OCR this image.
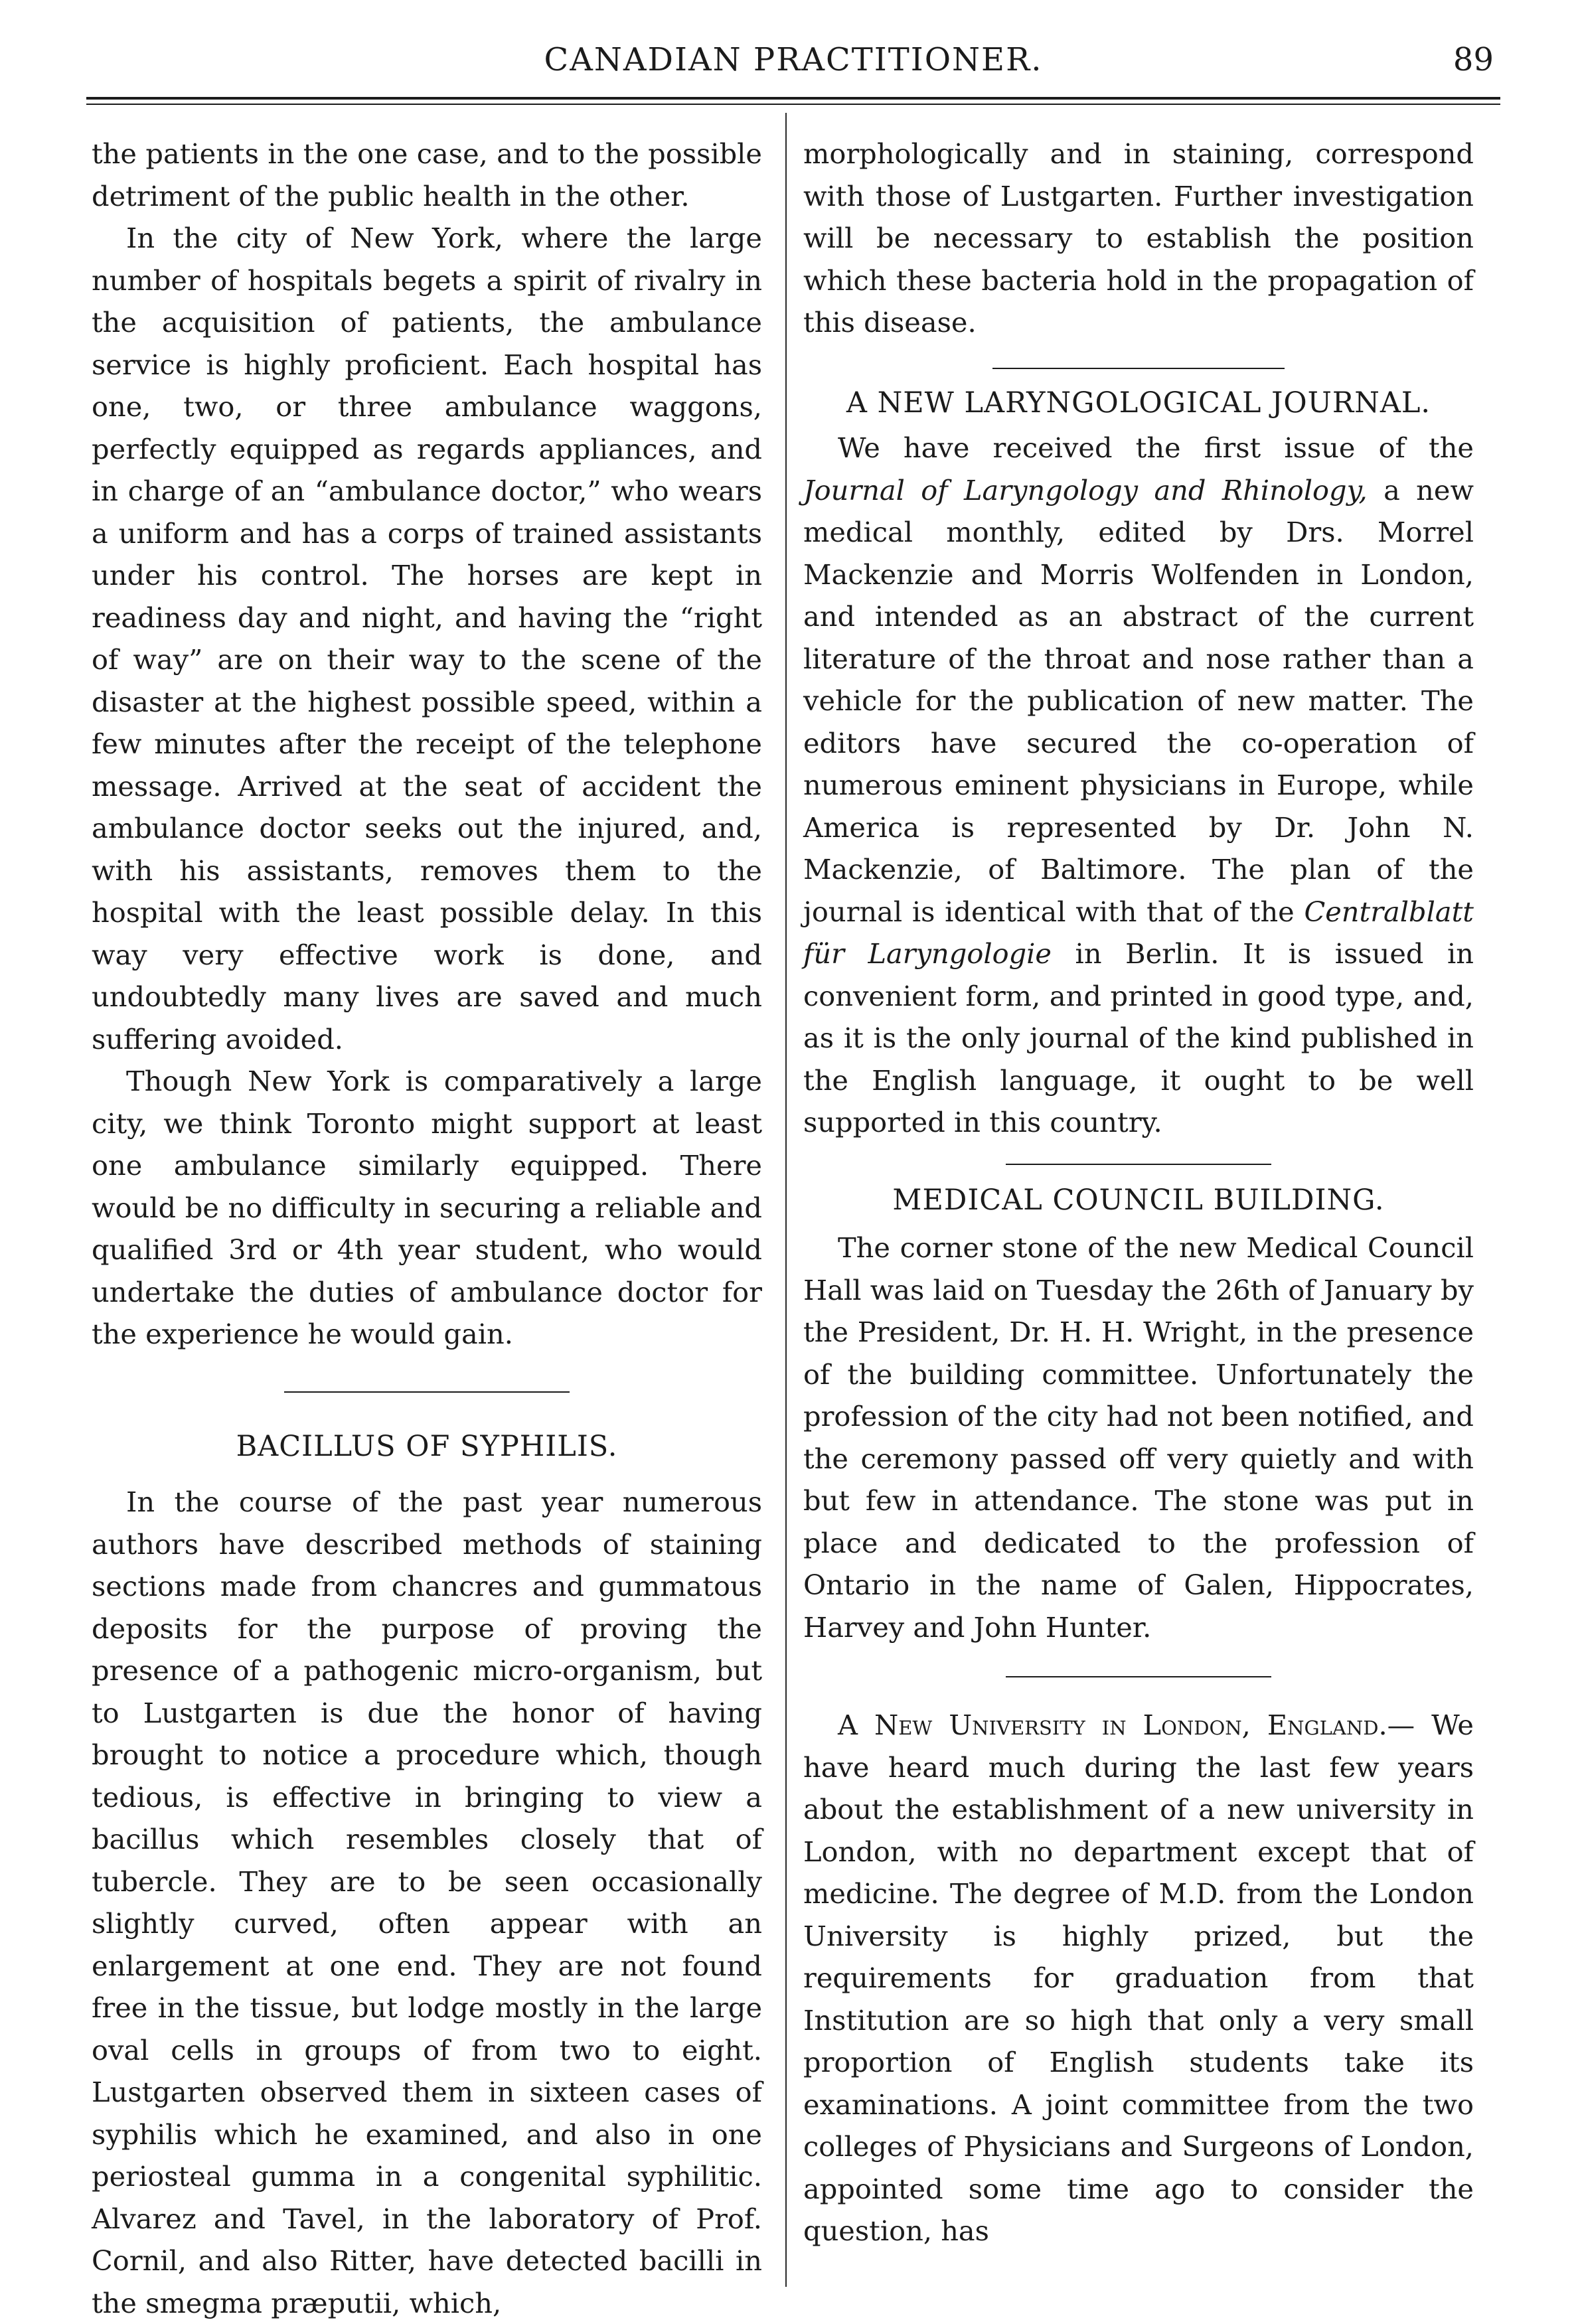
CANADIAN PRACTITIONER.	89

the patients in the one case, and to the possible detriment of the public health in the other.

In the city of New York, where the large number of hospitals begets a spirit of rivalry in the acquisition of patients, the ambulance service is highly proficient. Each hospital has one, two, or three ambulance waggons, perfectly equipped as regards appliances, and in charge of an “ambulance doctor,” who wears a uniform and has a corps of trained assistants under his control. The horses are kept in readiness day and night, and having the “right of way” are on their way to the scene of the disaster at the highest possible speed, within a few minutes after the receipt of the telephone message. Arrived at the seat of accident the ambulance doctor seeks out the injured, and, with his assistants, removes them to the hospital with the least possible delay. In this way very effective work is done, and undoubtedly many lives are saved and much suffering avoided.

Though New York is comparatively a large city, we think Toronto might support at least one ambulance similarly equipped. There would be no difficulty in securing a reliable and qualified 3rd or 4th year student, who would undertake the duties of ambulance doctor for the experience he would gain.

BACILLUS OF SYPHILIS.

In the course of the past year numerous authors have described methods of staining sections made from chancres and gummatous deposits for the purpose of proving the presence of a pathogenic micro-organism, but to Lustgarten is due the honor of having brought to notice a procedure which, though tedious, is effective in bringing to view a bacillus which resembles closely that of tubercle. They are to be seen occasionally slightly curved, often appear with an enlargement at one end. They are not found free in the tissue, but lodge mostly in the large oval cells in groups of from two to eight. Lustgarten observed them in sixteen cases of syphilis which he examined, and also in one periosteal gumma in a congenital syphilitic. Alvarez and Tavel, in the laboratory of Prof. Cornil, and also Ritter, have detected bacilli in the smegma præputii, which,

morphologically and in staining, correspond with those of Lustgarten. Further investigation will be necessary to establish the position which these bacteria hold in the propagation of this disease.

A NEW LARYNGOLOGICAL JOURNAL.

We have received the first issue of the Journal of Laryngology and Rhinology, a new medical monthly, edited by Drs. Morrel Mackenzie and Morris Wolfenden in London, and intended as an abstract of the current literature of the throat and nose rather than a vehicle for the publication of new matter. The editors have secured the co-operation of numerous eminent physicians in Europe, while America is represented by Dr. John N. Mackenzie, of Baltimore. The plan of the journal is identical with that of the Centralblatt für Laryngologie in Berlin. It is issued in convenient form, and printed in good type, and, as it is the only journal of the kind published in the English language, it ought to be well supported in this country.

MEDICAL COUNCIL BUILDING.

The corner stone of the new Medical Council Hall was laid on Tuesday the 26th of January by the President, Dr. H. H. Wright, in the presence of the building committee. Unfortunately the profession of the city had not been notified, and the ceremony passed off very quietly and with but few in attendance. The stone was put in place and dedicated to the profession of Ontario in the name of Galen, Hippocrates, Harvey and John Hunter.

A New University in London, England.— We have heard much during the last few years about the establishment of a new university in London, with no department except that of medicine. The degree of M.D. from the London University is highly prized, but the requirements for graduation from that Institution are so high that only a very small proportion of English students take its examinations. A joint committee from the two colleges of Physicians and Surgeons of London, appointed some time ago to consider the question, has
